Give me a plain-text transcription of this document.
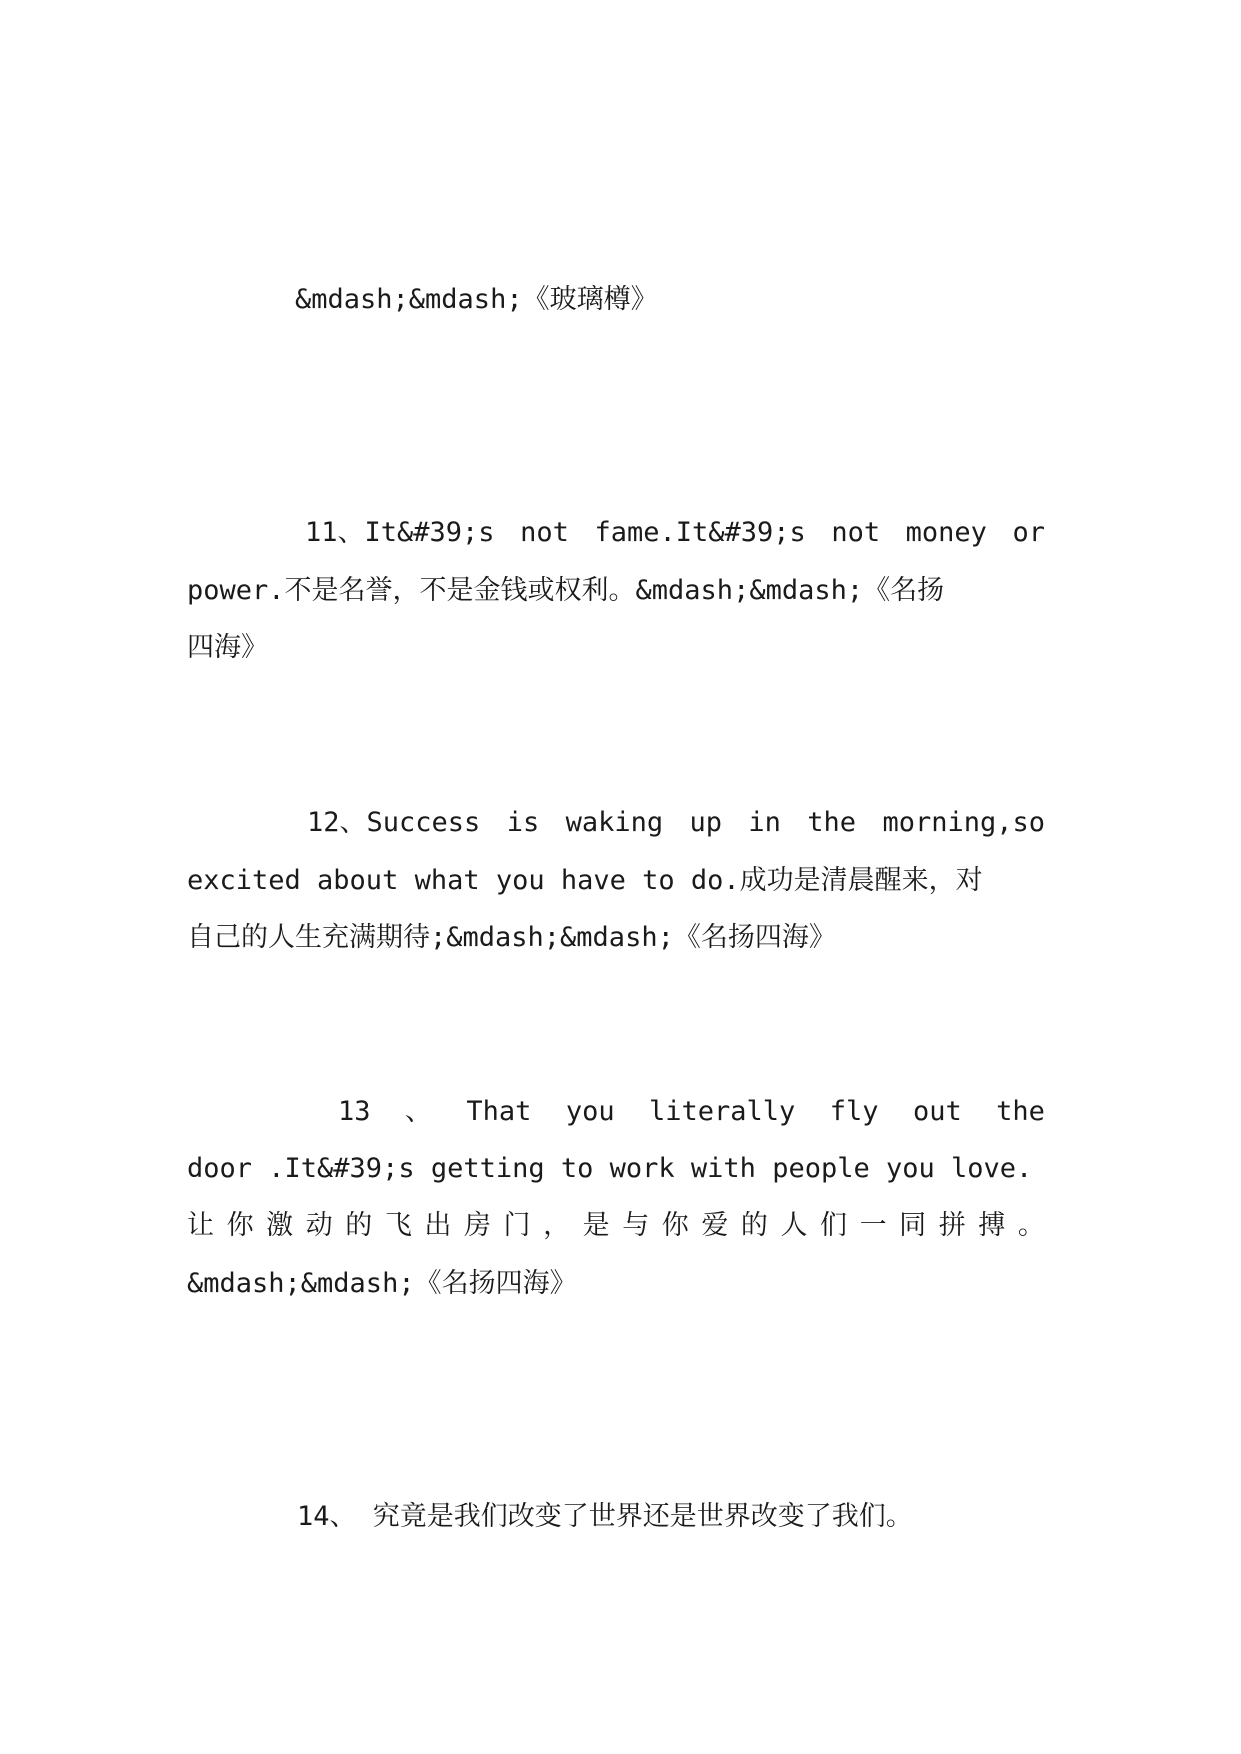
&mdash;&mdash;《玻璃樽》
11、It&#39;s not fame.It&#39;s not money or
power.不是名誉，不是金钱或权利。&mdash;&mdash;《名扬
四海》
12、Success is waking up in the morning,so
excited about what you have to do.成功是清晨醒来，对
自己的人生充满期待;&mdash;&mdash;《名扬四海》
13 、 That you literally fly out the
door .It&#39;s getting to work with people you love.
让 你 激 动 的 飞 出 房 门 ， 是 与 你 爱 的 人 们 一 同 拼 搏 。
&mdash;&mdash;《名扬四海》
14、 究竟是我们改变了世界还是世界改变了我们。
